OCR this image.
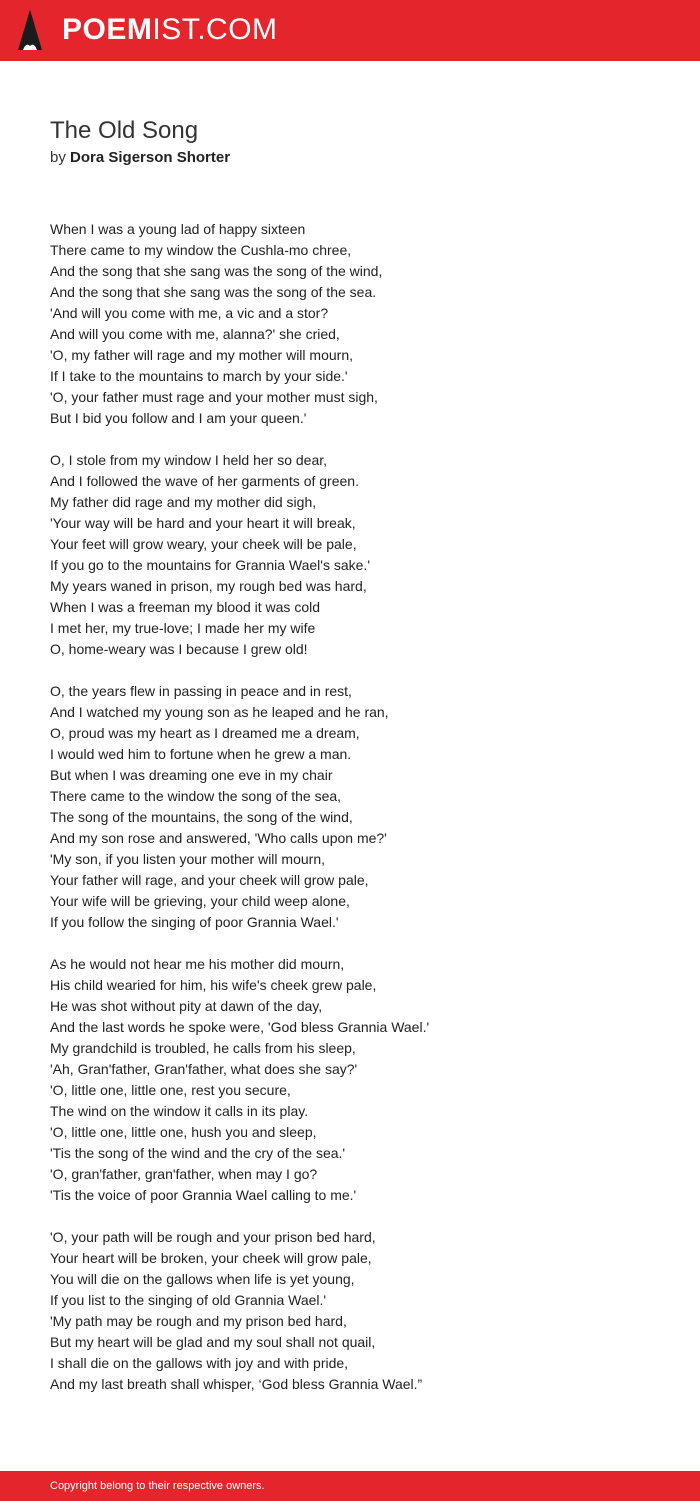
POEMIST.COM
The Old Song
by Dora Sigerson Shorter
When I was a young lad of happy sixteen
There came to my window the Cushla-mo chree,
And the song that she sang was the song of the wind,
And the song that she sang was the song of the sea.
'And will you come with me, a vic and a stor?
And will you come with me, alanna?' she cried,
'O, my father will rage and my mother will mourn,
If I take to the mountains to march by your side.'
'O, your father must rage and your mother must sigh,
But I bid you follow and I am your queen.'
O, I stole from my window I held her so dear,
And I followed the wave of her garments of green.
My father did rage and my mother did sigh,
'Your way will be hard and your heart it will break,
Your feet will grow weary, your cheek will be pale,
If you go to the mountains for Grannia Wael's sake.'
My years waned in prison, my rough bed was hard,
When I was a freeman my blood it was cold
I met her, my true-love; I made her my wife
O, home-weary was I because I grew old!
O, the years flew in passing in peace and in rest,
And I watched my young son as he leaped and he ran,
O, proud was my heart as I dreamed me a dream,
I would wed him to fortune when he grew a man.
But when I was dreaming one eve in my chair
There came to the window the song of the sea,
The song of the mountains, the song of the wind,
And my son rose and answered, 'Who calls upon me?'
'My son, if you listen your mother will mourn,
Your father will rage, and your cheek will grow pale,
Your wife will be grieving, your child weep alone,
If you follow the singing of poor Grannia Wael.'
As he would not hear me his mother did mourn,
His child wearied for him, his wife's cheek grew pale,
He was shot without pity at dawn of the day,
And the last words he spoke were, 'God bless Grannia Wael.'
My grandchild is troubled, he calls from his sleep,
'Ah, Gran'father, Gran'father, what does she say?'
'O, little one, little one, rest you secure,
The wind on the window it calls in its play.
'O, little one, little one, hush you and sleep,
'Tis the song of the wind and the cry of the sea.'
'O, gran'father, gran'father, when may I go?
'Tis the voice of poor Grannia Wael calling to me.'
'O, your path will be rough and your prison bed hard,
Your heart will be broken, your cheek will grow pale,
You will die on the gallows when life is yet young,
If you list to the singing of old Grannia Wael.'
'My path may be rough and my prison bed hard,
But my heart will be glad and my soul shall not quail,
I shall die on the gallows with joy and with pride,
And my last breath shall whisper, ‘God bless Grannia Wael.”
Copyright belong to their respective owners.
